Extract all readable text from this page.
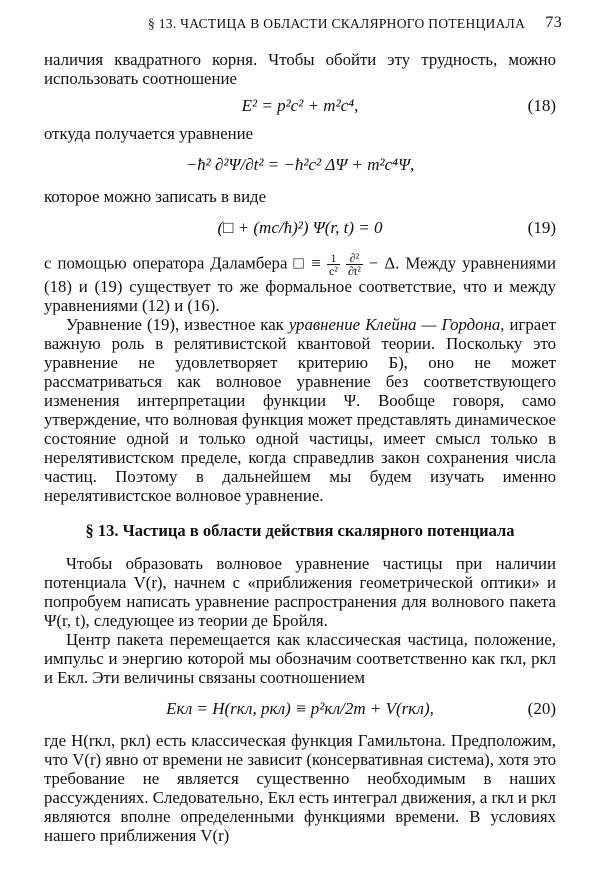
§ 13. ЧАСТИЦА В ОБЛАСТИ СКАЛЯРНОГО ПОТЕНЦИАЛА 73

наличия квадратного корня. Чтобы обойти эту трудность, можно использовать соотношение

E² = p²c² + m²c⁴,	(18)

откуда получается уравнение

−ħ² ∂²Ψ/∂t² = −ħ²c² ΔΨ + m²c⁴Ψ,

которое можно записать в виде

(□ + (mc/ħ)²) Ψ(r, t) = 0	(19)

с помощью оператора Даламбера □ ≡ $\frac{1}{\text{c²}}$
$\frac{\text{∂²}}{\text{∂t²}} - \Delta$. Между уравнениями (18) и (19) существует то же формальное соответствие, что и между уравнениями (12) и (16).

Уравнение (19), известное как уравнение Клейна — Гордона, играет важную роль в релятивистской квантовой теории. Поскольку это уравнение не удовлетворяет критерию Б), оно не может рассматриваться как волновое уравнение без соответствующего изменения интерпретации функции Ψ. Вообще говоря, само утверждение, что волновая функция может представлять динамическое состояние одной и только одной частицы, имеет смысл только в нерелятивистском пределе, когда справедлив закон сохранения числа частиц. Поэтому в дальнейшем мы будем изучать именно нерелятивистское волновое уравнение.

§ 13. Частица в области действия скалярного потенциала

Чтобы образовать волновое уравнение частицы при наличии потенциала V(r), начнем с «приближения геометрической оптики» и попробуем написать уравнение распространения для волнового пакета Ψ(r, t), следующее из теории де Бройля.

Центр пакета перемещается как классическая частица, положение, импульс и энергию которой мы обозначим соответственно как rкл, pкл и Eкл. Эти величины связаны соотношением

Eкл = H(rкл, pкл) ≡ p²кл/2m + V(rкл),	(20)

где H(rкл, pкл) есть классическая функция Гамильтона. Предположим, что V(r) явно от времени не зависит (консервативная система), хотя это требование не является существенно необходимым в наших рассуждениях. Следовательно, Eкл есть интеграл движения, а rкл и pкл являются вполне определенными функциями времени. В условиях нашего приближения V(r)
